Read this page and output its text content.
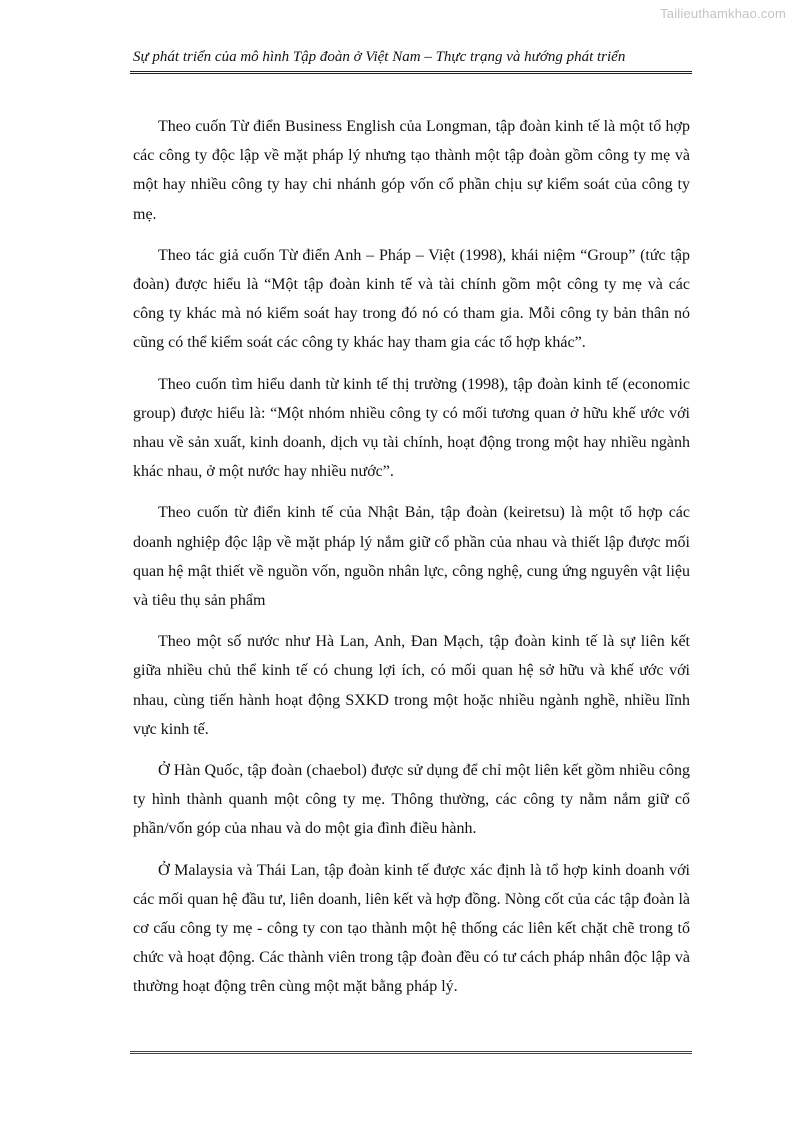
Tailieuthamkhao.com
Sự phát triển của mô hình Tập đoàn ở Việt Nam – Thực trạng và hướng phát triển

Theo cuốn Từ điển Business English của Longman, tập đoàn kinh tế là một tổ hợp các công ty độc lập về mặt pháp lý nhưng tạo thành một tập đoàn gồm công ty mẹ và một hay nhiều công ty hay chi nhánh góp vốn cổ phần chịu sự kiểm soát của công ty mẹ.

Theo tác giả cuốn Từ điển Anh – Pháp – Việt (1998), khái niệm “Group” (tức tập đoàn) được hiểu là “Một tập đoàn kinh tế và tài chính gồm một công ty mẹ và các công ty khác mà nó kiểm soát hay trong đó nó có tham gia. Mỗi công ty bản thân nó cũng có thể kiểm soát các công ty khác hay tham gia các tổ hợp khác”.

Theo cuốn tìm hiểu danh từ kinh tế thị trường (1998), tập đoàn kinh tế (economic group) được hiểu là: “Một nhóm nhiều công ty có mối tương quan ở hữu khế ước với nhau về sản xuất, kinh doanh, dịch vụ tài chính, hoạt động trong một hay nhiều ngành khác nhau, ở một nước hay nhiều nước”.

Theo cuốn từ điển kinh tế của Nhật Bản, tập đoàn (keiretsu) là một tổ hợp các doanh nghiệp độc lập về mặt pháp lý nắm giữ cổ phần của nhau và thiết lập được mối quan hệ mật thiết về nguồn vốn, nguồn nhân lực, công nghệ, cung ứng nguyên vật liệu và tiêu thụ sản phẩm

Theo một số nước như Hà Lan, Anh, Đan Mạch, tập đoàn kinh tế là sự liên kết giữa nhiều chủ thể kinh tế có chung lợi ích, có mối quan hệ sở hữu và khế ước với nhau, cùng tiến hành hoạt động SXKD trong một hoặc nhiều ngành nghề, nhiều lĩnh vực kinh tế.

Ở Hàn Quốc, tập đoàn (chaebol) được sử dụng để chỉ một liên kết gồm nhiều công ty hình thành quanh một công ty mẹ. Thông thường, các công ty nằm nắm giữ cổ phần/vốn góp của nhau và do một gia đình điều hành.

Ở Malaysia và Thái Lan, tập đoàn kinh tế được xác định là tổ hợp kinh doanh với các mối quan hệ đầu tư, liên doanh, liên kết và hợp đồng. Nòng cốt của các tập đoàn là cơ cấu công ty mẹ - công ty con tạo thành một hệ thống các liên kết chặt chẽ trong tổ chức và hoạt động. Các thành viên trong tập đoàn đều có tư cách pháp nhân độc lập và thường hoạt động trên cùng một mặt bằng pháp lý.
